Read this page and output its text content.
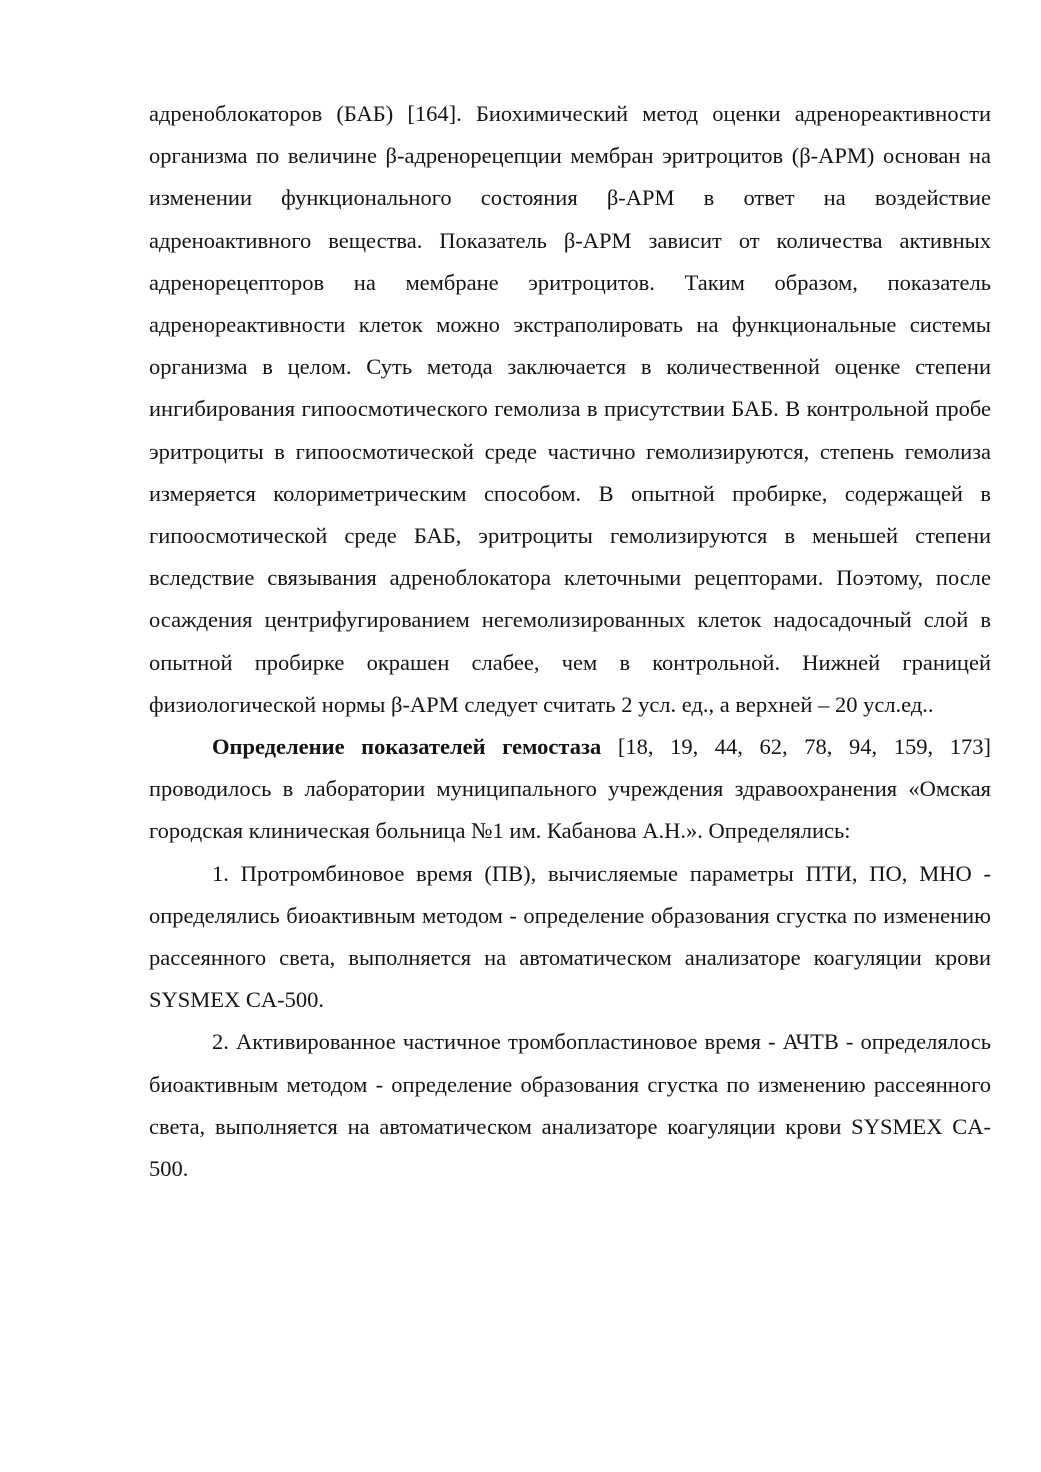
адреноблокаторов (БАБ) [164]. Биохимический метод оценки адренореактивности организма по величине β-адренорецепции мембран эритроцитов (β-АРМ) основан на изменении функционального состояния β-АРМ в ответ на воздействие адреноактивного вещества. Показатель β-АРМ зависит от количества активных адренорецепторов на мембране эритроцитов. Таким образом, показатель адренореактивности клеток можно экстраполировать на функциональные системы организма в целом. Суть метода заключается в количественной оценке степени ингибирования гипоосмотического гемолиза в присутствии БАБ. В контрольной пробе эритроциты в гипоосмотической среде частично гемолизируются, степень гемолиза измеряется колориметрическим способом. В опытной пробирке, содержащей в гипоосмотической среде БАБ, эритроциты гемолизируются в меньшей степени вследствие связывания адреноблокатора клеточными рецепторами. Поэтому, после осаждения центрифугированием негемолизированных клеток надосадочный слой в опытной пробирке окрашен слабее, чем в контрольной. Нижней границей физиологической нормы β-АРМ следует считать 2 усл. ед., а верхней – 20 усл.ед..

Определение показателей гемостаза [18, 19, 44, 62, 78, 94, 159, 173] проводилось в лаборатории муниципального учреждения здравоохранения «Омская городская клиническая больница №1 им. Кабанова А.Н.». Определялись:

1. Протромбиновое время (ПВ), вычисляемые параметры ПТИ, ПО, МНО - определялись биоактивным методом - определение образования сгустка по изменению рассеянного света, выполняется на автоматическом анализаторе коагуляции крови SYSMEX CA-500.

2. Активированное частичное тромбопластиновое время - АЧТВ - определялось биоактивным методом - определение образования сгустка по изменению рассеянного света, выполняется на автоматическом анализаторе коагуляции крови SYSMEX CA-500.
